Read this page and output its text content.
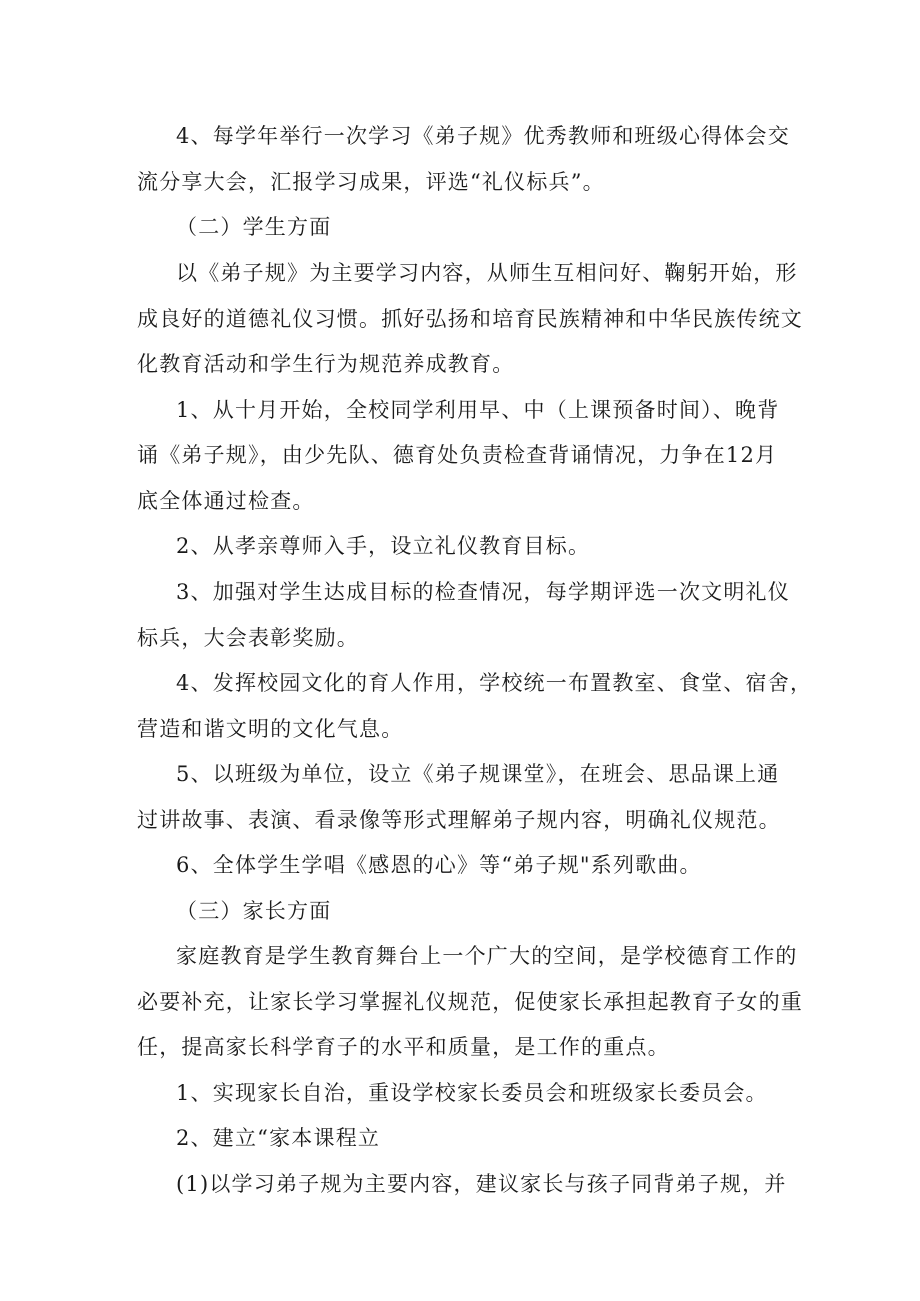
4、每学年举行一次学习《弟子规》优秀教师和班级心得体会交
流分享大会，汇报学习成果，评选“礼仪标兵”。
（二）学生方面
以《弟子规》为主要学习内容，从师生互相问好、鞠躬开始，形
成良好的道德礼仪习惯。抓好弘扬和培育民族精神和中华民族传统文
化教育活动和学生行为规范养成教育。
1、从十月开始，全校同学利用早、中（上课预备时间）、晚背
诵《弟子规》，由少先队、德育处负责检查背诵情况，力争在12月
底全体通过检查。
2、从孝亲尊师入手，设立礼仪教育目标。
3、加强对学生达成目标的检查情况，每学期评选一次文明礼仪
标兵，大会表彰奖励。
4、发挥校园文化的育人作用，学校统一布置教室、食堂、宿舍，
营造和谐文明的文化气息。
5、以班级为单位，设立《弟子规课堂》，在班会、思品课上通
过讲故事、表演、看录像等形式理解弟子规内容，明确礼仪规范。
6、全体学生学唱《感恩的心》等“弟子规"系列歌曲。
（三）家长方面
家庭教育是学生教育舞台上一个广大的空间，是学校德育工作的
必要补充，让家长学习掌握礼仪规范，促使家长承担起教育子女的重
任，提高家长科学育子的水平和质量，是工作的重点。
1、实现家长自治，重设学校家长委员会和班级家长委员会。
2、建立“家本课程立
(1)以学习弟子规为主要内容，建议家长与孩子同背弟子规，并
